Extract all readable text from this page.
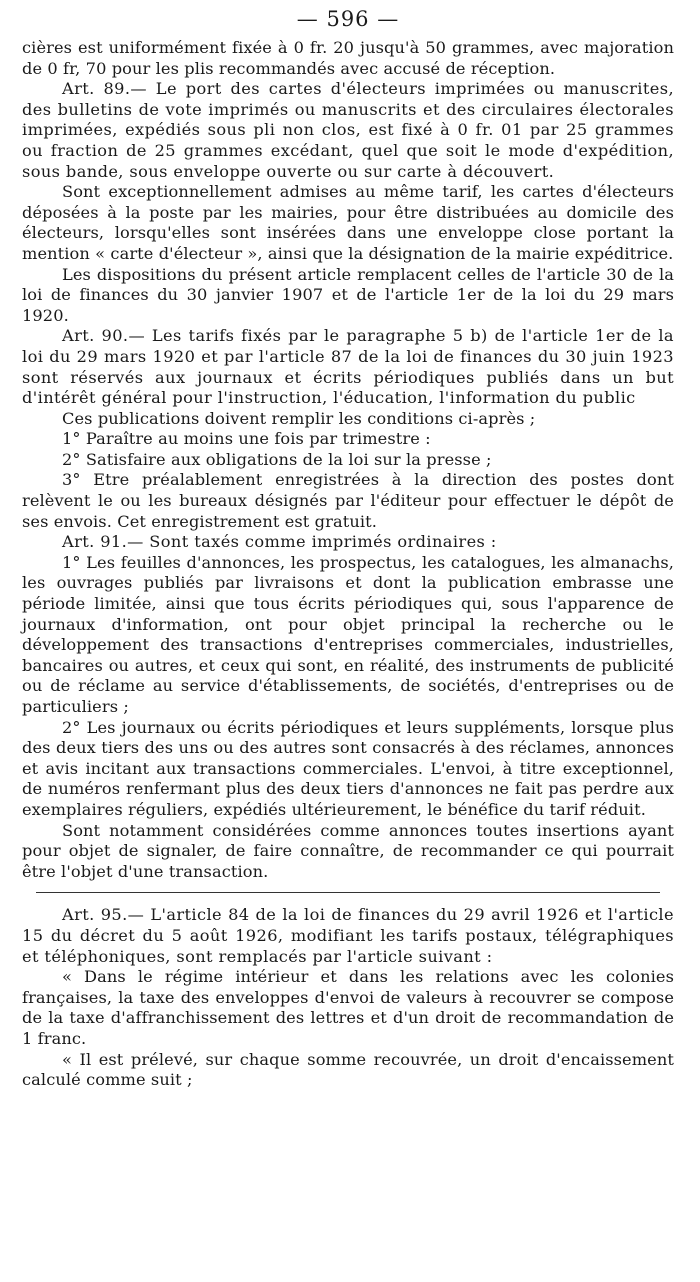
— 596 —

cières est uniformément fixée à 0 fr. 20 jusqu'à 50 grammes, avec majoration de 0 fr, 70 pour les plis recommandés avec accusé de réception.

Art. 89.— Le port des cartes d'électeurs imprimées ou manuscrites, des bulletins de vote imprimés ou manuscrits et des circulaires électorales imprimées, expédiés sous pli non clos, est fixé à 0 fr. 01 par 25 grammes ou fraction de 25 grammes excédant, quel que soit le mode d'expédition, sous bande, sous enveloppe ouverte ou sur carte à découvert.

Sont exceptionnellement admises au même tarif, les cartes d'électeurs déposées à la poste par les mairies, pour être distribuées au domicile des électeurs, lorsqu'elles sont insérées dans une enveloppe close portant la mention « carte d'électeur », ainsi que la désignation de la mairie expéditrice.

Les dispositions du présent article remplacent celles de l'article 30 de la loi de finances du 30 janvier 1907 et de l'article 1er de la loi du 29 mars 1920.

Art. 90.— Les tarifs fixés par le paragraphe 5 b) de l'article 1er de la loi du 29 mars 1920 et par l'article 87 de la loi de finances du 30 juin 1923 sont réservés aux journaux et écrits périodiques publiés dans un but d'intérêt général pour l'instruction, l'éducation, l'information du public

Ces publications doivent remplir les conditions ci-après ;

1° Paraître au moins une fois par trimestre :

2° Satisfaire aux obligations de la loi sur la presse ;

3° Etre préalablement enregistrées à la direction des postes dont relèvent le ou les bureaux désignés par l'éditeur pour effectuer le dépôt de ses envois. Cet enregistrement est gratuit.

Art. 91.— Sont taxés comme imprimés ordinaires :

1° Les feuilles d'annonces, les prospectus, les catalogues, les almanachs, les ouvrages publiés par livraisons et dont la publication embrasse une période limitée, ainsi que tous écrits périodiques qui, sous l'apparence de journaux d'information, ont pour objet principal la recherche ou le développement des transactions d'entreprises commerciales, industrielles, bancaires ou autres, et ceux qui sont, en réalité, des instruments de publicité ou de réclame au service d'établissements, de sociétés, d'entreprises ou de particuliers ;

2° Les journaux ou écrits périodiques et leurs suppléments, lorsque plus des deux tiers des uns ou des autres sont consacrés à des réclames, annonces et avis incitant aux transactions commerciales. L'envoi, à titre exceptionnel, de numéros renfermant plus des deux tiers d'annonces ne fait pas perdre aux exemplaires réguliers, expédiés ultérieurement, le bénéfice du tarif réduit.

Sont notamment considérées comme annonces toutes insertions ayant pour objet de signaler, de faire connaître, de recommander ce qui pourrait être l'objet d'une transaction.

Art. 95.— L'article 84 de la loi de finances du 29 avril 1926 et l'article 15 du décret du 5 août 1926, modifiant les tarifs postaux, télégraphiques et téléphoniques, sont remplacés par l'article suivant :

« Dans le régime intérieur et dans les relations avec les colonies françaises, la taxe des enveloppes d'envoi de valeurs à recouvrer se compose de la taxe d'affranchissement des lettres et d'un droit de recommandation de 1 franc.

« Il est prélevé, sur chaque somme recouvrée, un droit d'encaissement calculé comme suit ;
